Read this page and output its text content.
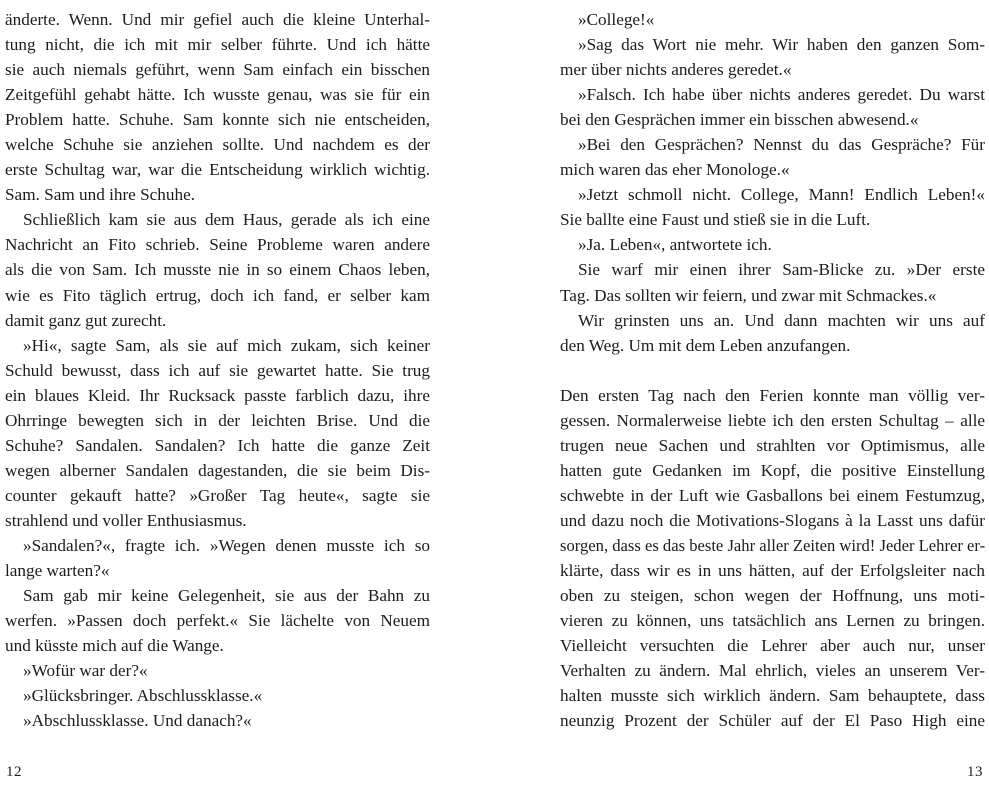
änderte. Wenn. Und mir gefiel auch die kleine Unterhal-
tung nicht, die ich mit mir selber führte. Und ich hätte
sie auch niemals geführt, wenn Sam einfach ein bisschen
Zeitgefühl gehabt hätte. Ich wusste genau, was sie für ein
Problem hatte. Schuhe. Sam konnte sich nie entscheiden,
welche Schuhe sie anziehen sollte. Und nachdem es der
erste Schultag war, war die Entscheidung wirklich wichtig.
Sam. Sam und ihre Schuhe.
Schließlich kam sie aus dem Haus, gerade als ich eine
Nachricht an Fito schrieb. Seine Probleme waren andere
als die von Sam. Ich musste nie in so einem Chaos leben,
wie es Fito täglich ertrug, doch ich fand, er selber kam
damit ganz gut zurecht.
»Hi«, sagte Sam, als sie auf mich zukam, sich keiner
Schuld bewusst, dass ich auf sie gewartet hatte. Sie trug
ein blaues Kleid. Ihr Rucksack passte farblich dazu, ihre
Ohrringe bewegten sich in der leichten Brise. Und die
Schuhe? Sandalen. Sandalen? Ich hatte die ganze Zeit
wegen alberner Sandalen dagestanden, die sie beim Dis-
counter gekauft hatte? »Großer Tag heute«, sagte sie
strahlend und voller Enthusiasmus.
»Sandalen?«, fragte ich. »Wegen denen musste ich so
lange warten?«
Sam gab mir keine Gelegenheit, sie aus der Bahn zu
werfen. »Passen doch perfekt.« Sie lächelte von Neuem
und küsste mich auf die Wange.
»Wofür war der?«
»Glücksbringer. Abschlussklasse.«
»Abschlussklasse. Und danach?«
»College!«
»Sag das Wort nie mehr. Wir haben den ganzen Som-
mer über nichts anderes geredet.«
»Falsch. Ich habe über nichts anderes geredet. Du warst
bei den Gesprächen immer ein bisschen abwesend.«
»Bei den Gesprächen? Nennst du das Gespräche? Für
mich waren das eher Monologe.«
»Jetzt schmoll nicht. College, Mann! Endlich Leben!«
Sie ballte eine Faust und stieß sie in die Luft.
»Ja. Leben«, antwortete ich.
Sie warf mir einen ihrer Sam-Blicke zu. »Der erste
Tag. Das sollten wir feiern, und zwar mit Schmackes.«
Wir grinsten uns an. Und dann machten wir uns auf
den Weg. Um mit dem Leben anzufangen.
Den ersten Tag nach den Ferien konnte man völlig ver-
gessen. Normalerweise liebte ich den ersten Schultag – alle
trugen neue Sachen und strahlten vor Optimismus, alle
hatten gute Gedanken im Kopf, die positive Einstellung
schwebte in der Luft wie Gasballons bei einem Festumzug,
und dazu noch die Motivations-Slogans à la Lasst uns dafür
sorgen, dass es das beste Jahr aller Zeiten wird! Jeder Lehrer er-
klärte, dass wir es in uns hätten, auf der Erfolgsleiter nach
oben zu steigen, schon wegen der Hoffnung, uns moti-
vieren zu können, uns tatsächlich ans Lernen zu bringen.
Vielleicht versuchten die Lehrer aber auch nur, unser
Verhalten zu ändern. Mal ehrlich, vieles an unserem Ver-
halten musste sich wirklich ändern. Sam behauptete, dass
neunzig Prozent der Schüler auf der El Paso High eine
12	13
